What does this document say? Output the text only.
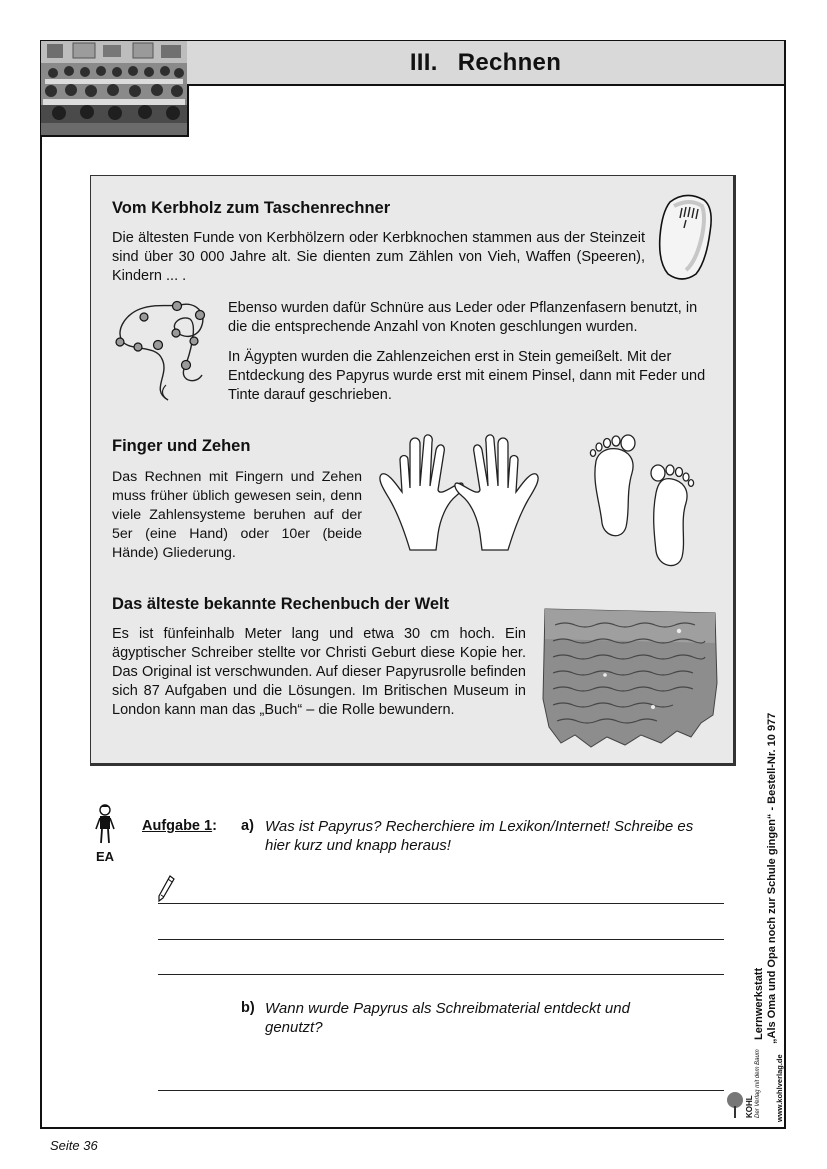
III. Rechnen
Vom Kerbholz zum Taschenrechner
Die ältesten Funde von Kerbhölzern oder Kerbknochen stammen aus der Steinzeit sind über 30 000 Jahre alt. Sie dienten zum Zählen von Vieh, Waffen (Speeren), Kindern ... .
Ebenso wurden dafür Schnüre aus Leder oder Pflanzenfasern benutzt, in die die entsprechende Anzahl von Knoten geschlungen wurden.
In Ägypten wurden die Zahlenzeichen erst in Stein gemeißelt. Mit der Entdeckung des Papyrus wurde erst mit einem Pinsel, dann mit Feder und Tinte darauf geschrieben.
Finger und Zehen
Das Rechnen mit Fingern und Zehen muss früher üblich gewesen sein, denn viele Zahlensysteme beruhen auf der 5er (eine Hand) oder 10er (beide Hände) Gliederung.
Das älteste bekannte Rechenbuch der Welt
Es ist fünfeinhalb Meter lang und etwa 30 cm hoch. Ein ägyptischer Schreiber stellte vor Christi Geburt diese Kopie her. Das Original ist verschwunden. Auf dieser Papyrusrolle befinden sich 87 Aufgaben und die Lösungen. Im Britischen Museum in London kann man das „Buch“ – die Rolle bewundern.
EA
Aufgabe 1: a) Was ist Papyrus? Recherchiere im Lexikon/Internet! Schreibe es hier kurz und knapp heraus!
b) Wann wurde Papyrus als Schreibmaterial entdeckt und genutzt?	Lernwerkstatt „Als Oma und Opa noch zur Schule gingen“ - Bestell-Nr. 10 977
KOHL Der Verlag mit dem Baum www.kohlverlag.de
Seite 36
